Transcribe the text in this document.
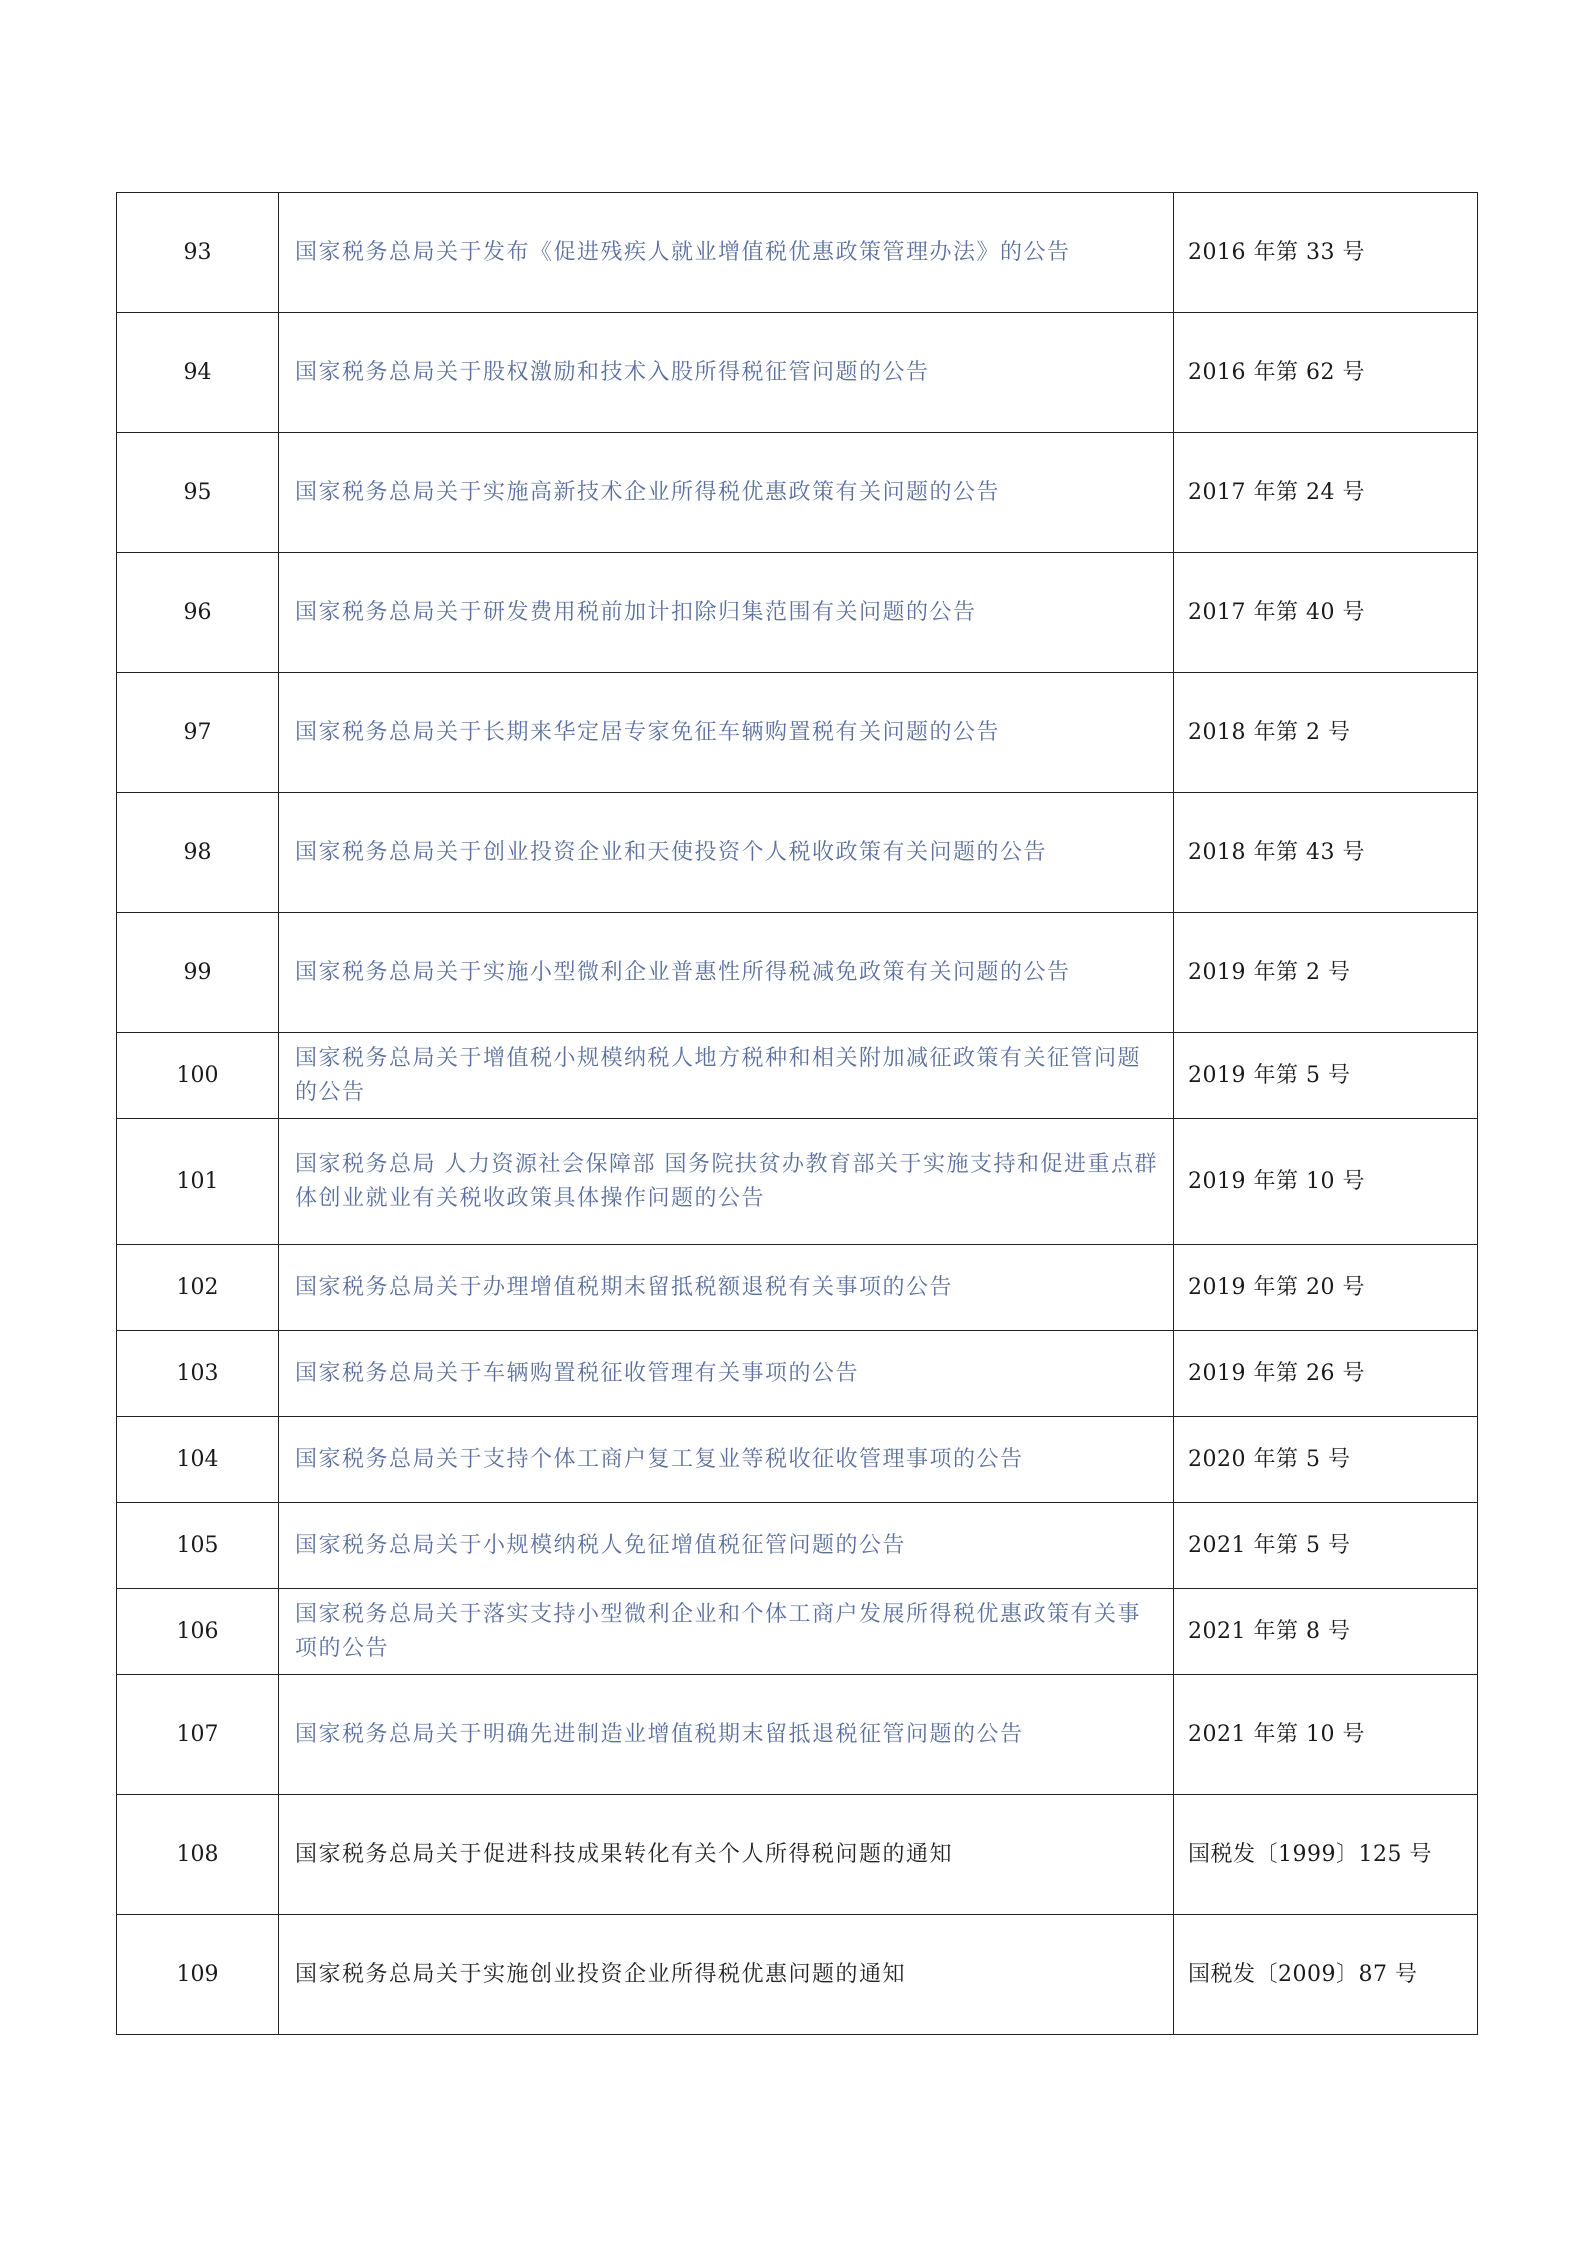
93	国家税务总局关于发布《促进残疾人就业增值税优惠政策管理办法》的公告	2016 年第 33 号
94	国家税务总局关于股权激励和技术入股所得税征管问题的公告	2016 年第 62 号
95	国家税务总局关于实施高新技术企业所得税优惠政策有关问题的公告	2017 年第 24 号
96	国家税务总局关于研发费用税前加计扣除归集范围有关问题的公告	2017 年第 40 号
97	国家税务总局关于长期来华定居专家免征车辆购置税有关问题的公告	2018 年第 2 号
98	国家税务总局关于创业投资企业和天使投资个人税收政策有关问题的公告	2018 年第 43 号
99	国家税务总局关于实施小型微利企业普惠性所得税减免政策有关问题的公告	2019 年第 2 号
100	国家税务总局关于增值税小规模纳税人地方税种和相关附加减征政策有关征管问题的公告	2019 年第 5 号
101	国家税务总局 人力资源社会保障部 国务院扶贫办教育部关于实施支持和促进重点群体创业就业有关税收政策具体操作问题的公告	2019 年第 10 号
102	国家税务总局关于办理增值税期末留抵税额退税有关事项的公告	2019 年第 20 号
103	国家税务总局关于车辆购置税征收管理有关事项的公告	2019 年第 26 号
104	国家税务总局关于支持个体工商户复工复业等税收征收管理事项的公告	2020 年第 5 号
105	国家税务总局关于小规模纳税人免征增值税征管问题的公告	2021 年第 5 号
106	国家税务总局关于落实支持小型微利企业和个体工商户发展所得税优惠政策有关事项的公告	2021 年第 8 号
107	国家税务总局关于明确先进制造业增值税期末留抵退税征管问题的公告	2021 年第 10 号
108	国家税务总局关于促进科技成果转化有关个人所得税问题的通知	国税发〔1999〕125 号
109	国家税务总局关于实施创业投资企业所得税优惠问题的通知	国税发〔2009〕87 号
